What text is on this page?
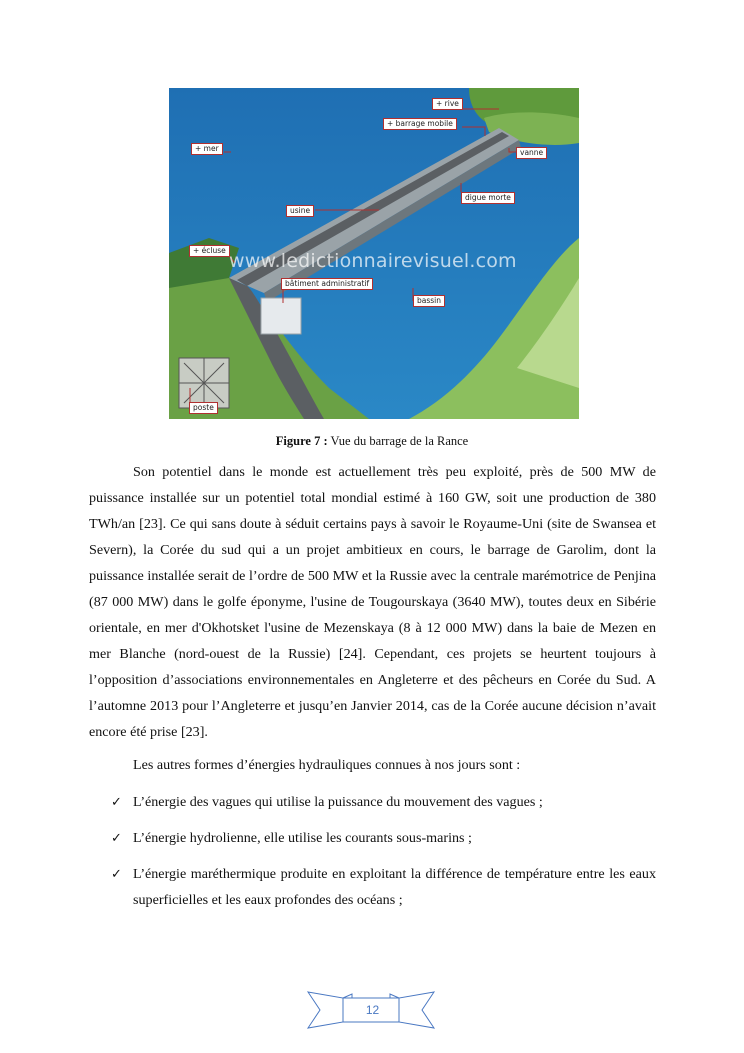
+ rive
+ barrage mobile
+ mer	vanne
digue morte
usine
+ écluse
bâtiment administratif
bassin
poste
www.ledictionnairevisuel.com
Figure 7 : Vue du barrage de la Rance

Son potentiel dans le monde est actuellement très peu exploité, près de 500 MW de puissance installée sur un potentiel total mondial estimé à 160 GW, soit une production de 380 TWh/an [23]. Ce qui sans doute à séduit certains pays à savoir le Royaume-Uni (site de Swansea et Severn), la Corée du sud qui a un projet ambitieux en cours, le barrage de Garolim, dont la puissance installée serait de l’ordre de 500 MW et la Russie avec la centrale marémotrice de Penjina (87 000 MW) dans le golfe éponyme, l'usine de Tougourskaya (3640 MW), toutes deux en Sibérie orientale, en mer d'Okhotsket l'usine de Mezenskaya (8 à 12 000 MW) dans la baie de Mezen en mer Blanche (nord-ouest de la Russie) [24]. Cependant, ces projets se heurtent toujours à l’opposition d’associations environnementales en Angleterre et des pêcheurs en Corée du Sud. A l’automne 2013 pour l’Angleterre et jusqu’en Janvier 2014, cas de la Corée aucune décision n’avait encore été prise [23].

Les autres formes d’énergies hydrauliques connues à nos jours sont :

✓ L’énergie des vagues qui utilise la puissance du mouvement des vagues ;
✓ L’énergie hydrolienne, elle utilise les courants sous-marins ;
✓ L’énergie maréthermique produite en exploitant la différence de température entre les eaux superficielles et les eaux profondes des océans ;
12
